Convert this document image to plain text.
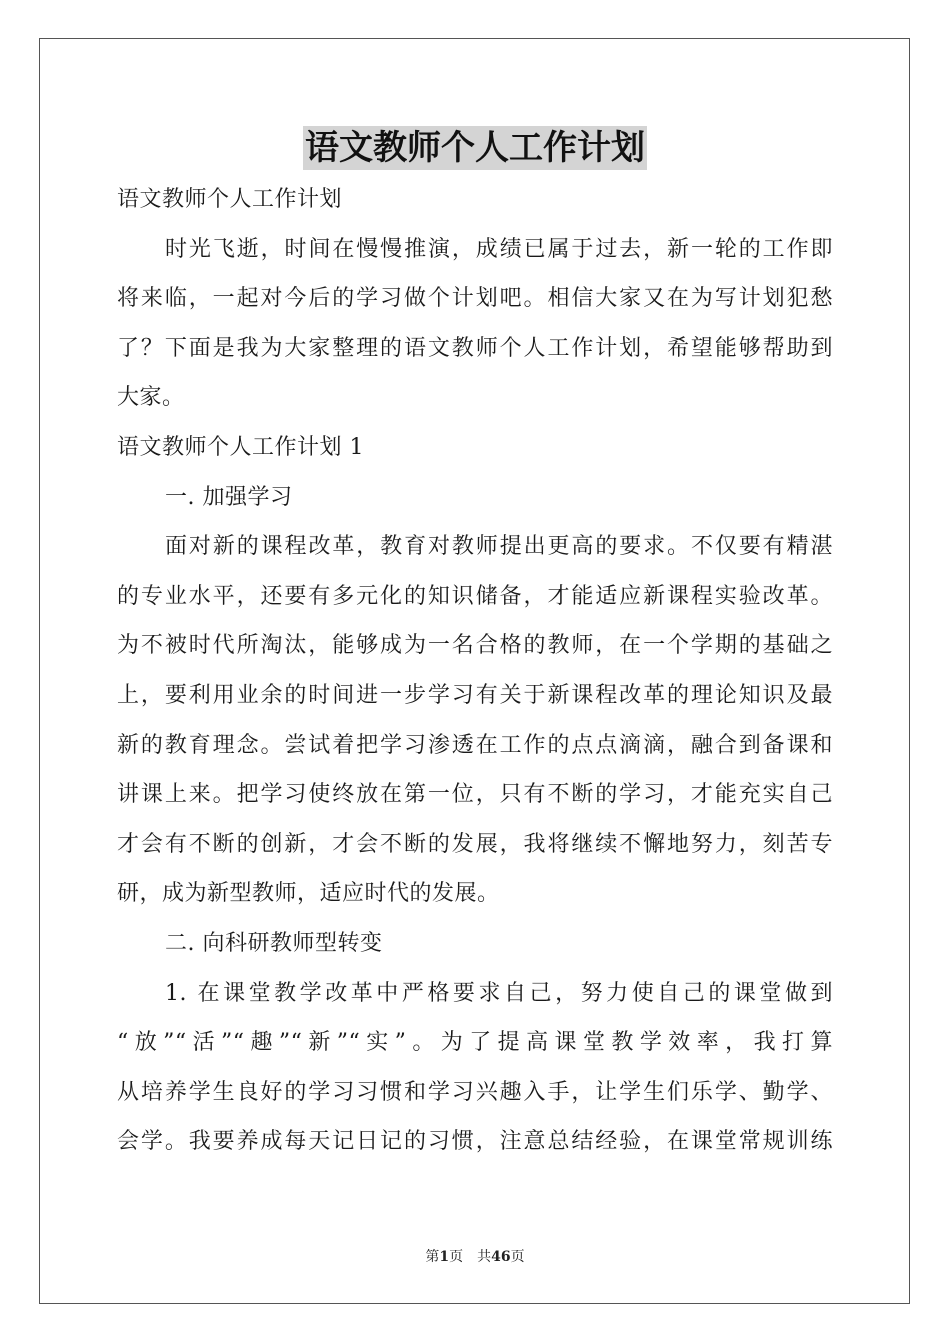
语文教师个人工作计划
语文教师个人工作计划
时光飞逝，时间在慢慢推演，成绩已属于过去，新一轮的工作即
将来临，一起对今后的学习做个计划吧。相信大家又在为写计划犯愁
了？下面是我为大家整理的语文教师个人工作计划，希望能够帮助到
大家。
语文教师个人工作计划 1
一. 加强学习
面对新的课程改革，教育对教师提出更高的要求。不仅要有精湛
的专业水平，还要有多元化的知识储备，才能适应新课程实验改革。
为不被时代所淘汰，能够成为一名合格的教师，在一个学期的基础之
上，要利用业余的时间进一步学习有关于新课程改革的理论知识及最
新的教育理念。尝试着把学习渗透在工作的点点滴滴，融合到备课和
讲课上来。把学习使终放在第一位，只有不断的学习，才能充实自己
才会有不断的创新，才会不断的发展，我将继续不懈地努力，刻苦专
研，成为新型教师，适应时代的发展。
二. 向科研教师型转变
1. 在课堂教学改革中严格要求自己，努力使自己的课堂做到
“放”“活”“趣”“新”“实”。为了提高课堂教学效率，我打算
从培养学生良好的学习习惯和学习兴趣入手，让学生们乐学、勤学、
会学。我要养成每天记日记的习惯，注意总结经验，在课堂常规训练
第1页　共46页
